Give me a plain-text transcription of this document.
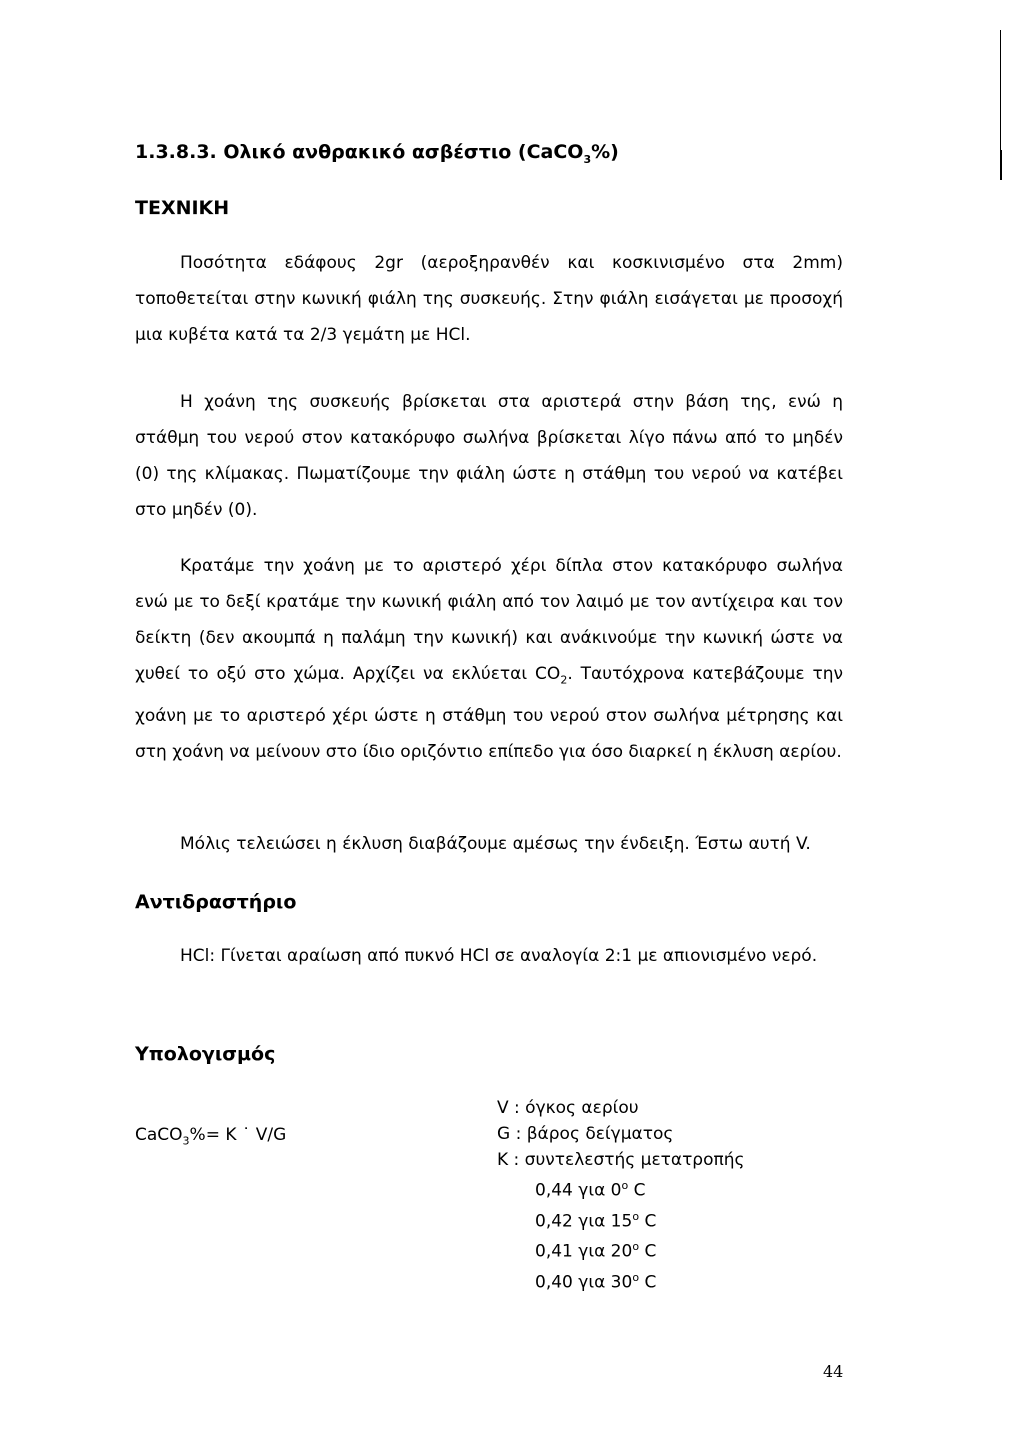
1.3.8.3. Ολικό ανθρακικό ασβέστιο (CaCO$_3$%)
ΤΕΧΝΙΚΗ

Ποσότητα εδάφους 2gr (αεροξηρανθέν και κοσκινισμένο στα 2mm) τοποθετείται στην κωνική φιάλη της συσκευής. Στην φιάλη εισάγεται με προσοχή μια κυβέτα κατά τα 2/3 γεμάτη με HCl.

Η χοάνη της συσκευής βρίσκεται στα αριστερά στην βάση της, ενώ η στάθμη του νερού στον κατακόρυφο σωλήνα βρίσκεται λίγο πάνω από το μηδέν (0) της κλίμακας. Πωματίζουμε την φιάλη ώστε η στάθμη του νερού να κατέβει στο μηδέν (0).

Κρατάμε την χοάνη με το αριστερό χέρι δίπλα στον κατακόρυφο σωλήνα ενώ με το δεξί κρατάμε την κωνική φιάλη από τον λαιμό με τον αντίχειρα και τον δείκτη (δεν ακουμπά η παλάμη την κωνική) και ανάκινούμε την κωνική ώστε να χυθεί το οξύ στο χώμα. Αρχίζει να εκλύεται $CO_2$. Ταυτόχρονα κατεβάζουμε την χοάνη με το αριστερό χέρι ώστε η στάθμη του νερού στον σωλήνα μέτρησης και στη χοάνη να μείνουν στο ίδιο οριζόντιο επίπεδο για όσο διαρκεί η έκλυση αερίου.

Μόλις τελειώσει η έκλυση διαβάζουμε αμέσως την ένδειξη. Έστω αυτή V.

Αντιδραστήριο

HCl: Γίνεται αραίωση από πυκνό HCl σε αναλογία 2:1 με απιονισμένο νερό.

Υπολογισμός
CaCO$_3$%= K ˙ V/G
V : όγκος αερίου
G : βάρος δείγματος
K : συντελεστής μετατροπής
0,44 για 0$^o$ C
0,42 για 15$^o$ C
0,41 για 20$^o$ C
0,40 για 30$^o$ C
44
